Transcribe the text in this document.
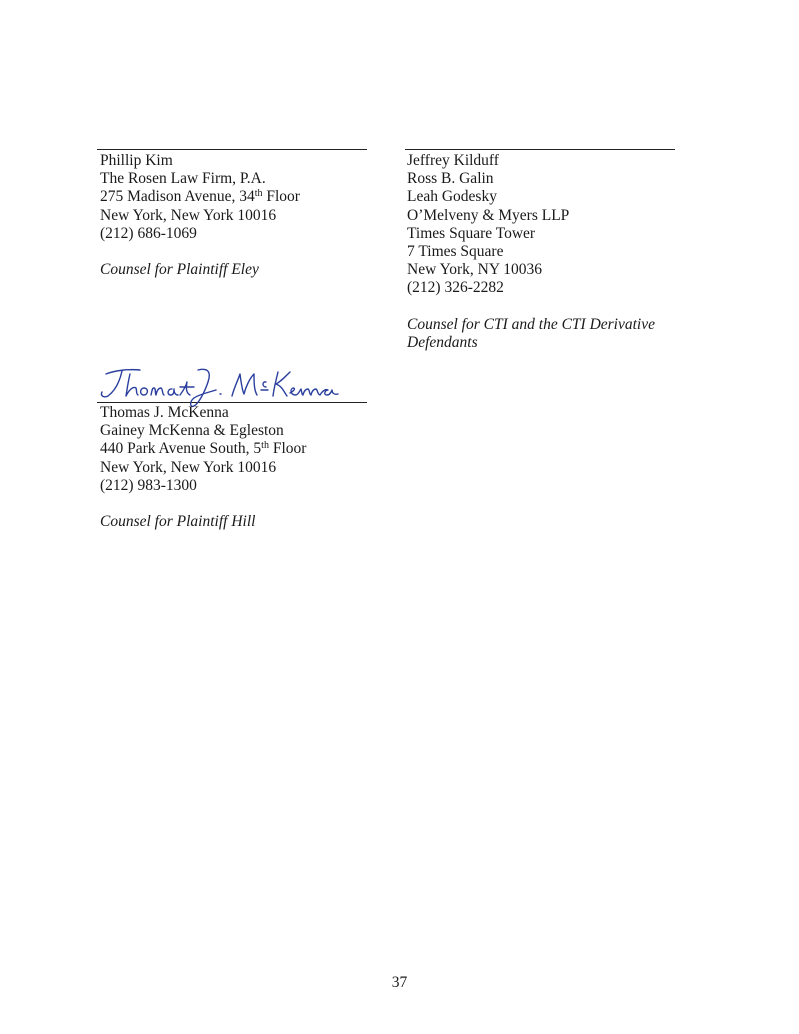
Phillip Kim
The Rosen Law Firm, P.A.
275 Madison Avenue, 34th Floor
New York, New York 10016
(212) 686-1069
Counsel for Plaintiff Eley
Jeffrey Kilduff
Ross B. Galin
Leah Godesky
O’Melveny & Myers LLP
Times Square Tower
7 Times Square
New York, NY 10036
(212) 326-2282
Counsel for CTI and the CTI Derivative
Defendants
Thomas J. McKenna
Gainey McKenna & Egleston
440 Park Avenue South, 5th Floor
New York, New York 10016
(212) 983-1300
Counsel for Plaintiff Hill
37
